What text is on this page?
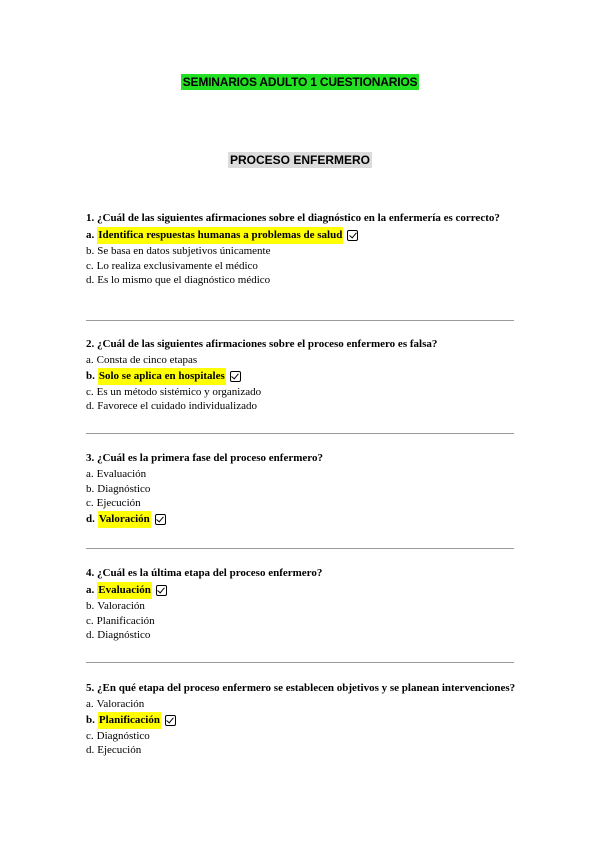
SEMINARIOS ADULTO 1 CUESTIONARIOS
PROCESO ENFERMERO
1. ¿Cuál de las siguientes afirmaciones sobre el diagnóstico en la enfermería es correcto?
a. Identifica respuestas humanas a problemas de salud
b. Se basa en datos subjetivos únicamente
c. Lo realiza exclusivamente el médico
d. Es lo mismo que el diagnóstico médico
2. ¿Cuál de las siguientes afirmaciones sobre el proceso enfermero es falsa?
a. Consta de cinco etapas
b. Solo se aplica en hospitales
c. Es un método sistémico y organizado
d. Favorece el cuidado individualizado
3. ¿Cuál es la primera fase del proceso enfermero?
a. Evaluación
b. Diagnóstico
c. Ejecución
d. Valoración
4. ¿Cuál es la última etapa del proceso enfermero?
a. Evaluación
b. Valoración
c. Planificación
d. Diagnóstico
5. ¿En qué etapa del proceso enfermero se establecen objetivos y se planean intervenciones?
a. Valoración
b. Planificación
c. Diagnóstico
d. Ejecución
